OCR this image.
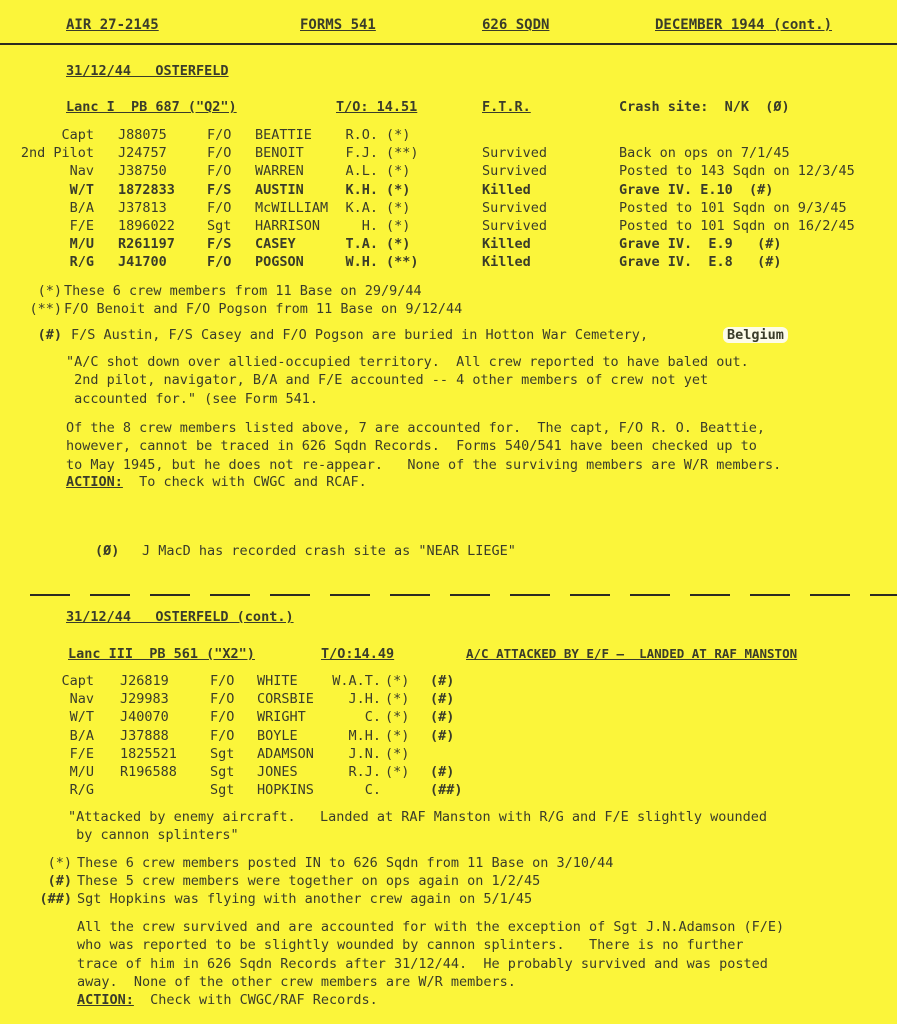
AIR 27-2145	FORMS 541	626 SQDN	DECEMBER 1944 (cont.)
31/12/44   OSTERFELD
Lanc I  PB 687 ("Q2")	T/O: 14.51	F.T.R.	Crash site:  N/K  (Ø)
Capt J88075	F/O BEATTIE R.O. (*)
2nd Pilot J24757	F/O BENOIT	F.J. (**)	Survived	Back on ops on 7/1/45
Nav J38750	F/O WARREN	A.L. (*)	Survived	Posted to 143 Sqdn on 12/3/45
W/T 1872833 F/S AUSTIN	K.H. (*)	Killed	Grave IV. E.10  (#)
B/A J37813	F/O McWILLIAM K.A. (*)	Survived	Posted to 101 Sqdn on 9/3/45
F/E 1896022 Sgt HARRISON	H. (*)	Survived	Posted to 101 Sqdn on 16/2/45
M/U R261197 F/S CASEY	T.A. (*)	Killed	Grave IV.  E.9   (#)
R/G J41700	F/O POGSON	W.H. (**)	Killed	Grave IV.  E.8   (#)
(*) These 6 crew members from 11 Base on 29/9/44
(**) F/O Benoit and F/O Pogson from 11 Base on 9/12/44
(#) F/S Austin, F/S Casey and F/O Pogson are buried in Hotton War Cemetery,	Belgium
"A/C shot down over allied-occupied territory.  All crew reported to have baled out.
2nd pilot, navigator, B/A and F/E accounted -- 4 other members of crew not yet
accounted for." (see Form 541.
Of the 8 crew members listed above, 7 are accounted for.  The capt, F/O R. O. Beattie,
however, cannot be traced in 626 Sqdn Records.  Forms 540/541 have been checked up to
to May 1945, but he does not re-appear.   None of the surviving members are W/R members.
ACTION: To check with CWGC and RCAF.
(Ø) J MacD has recorded crash site as "NEAR LIEGE"
31/12/44   OSTERFELD (cont.)
Lanc III  PB 561 ("X2")	T/O:14.49	A/C ATTACKED BY E/F —  LANDED AT RAF MANSTON
Capt J26819	F/O WHITE	W.A.T. (*) (#)
Nav J29983	F/O CORSBIE	J.H. (*) (#)
W/T J40070	F/O WRIGHT	C. (*) (#)
B/A J37888	F/O BOYLE	M.H. (*) (#)
F/E 1825521 Sgt ADAMSON	J.N. (*)
M/U R196588 Sgt JONES	R.J. (*) (#)
R/G	Sgt HOPKINS	C.	(##)
"Attacked by enemy aircraft.   Landed at RAF Manston with R/G and F/E slightly wounded
by cannon splinters"
(*) These 6 crew members posted IN to 626 Sqdn from 11 Base on 3/10/44
(#) These 5 crew members were together on ops again on 1/2/45
(##) Sgt Hopkins was flying with another crew again on 5/1/45
All the crew survived and are accounted for with the exception of Sgt J.N.Adamson (F/E)
who was reported to be slightly wounded by cannon splinters.   There is no further
trace of him in 626 Sqdn Records after 31/12/44.  He probably survived and was posted
away.  None of the other crew members are W/R members.
ACTION: Check with CWGC/RAF Records.
